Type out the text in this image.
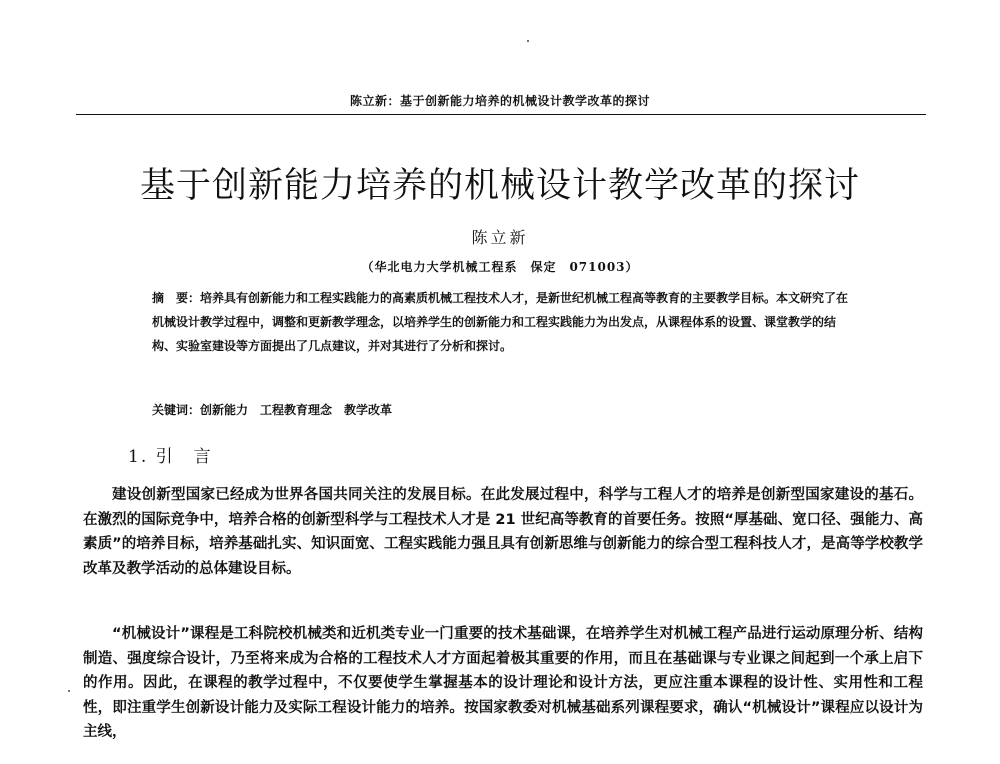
陈立新：基于创新能力培养的机械设计教学改革的探讨
基于创新能力培养的机械设计教学改革的探讨
陈立新
（华北电力大学机械工程系　保定　071003）
摘　要：培养具有创新能力和工程实践能力的高素质机械工程技术人才，是新世纪机械工程高等教育的主要教学目标。本文研究了在机械设计教学过程中，调整和更新教学理念，以培养学生的创新能力和工程实践能力为出发点，从课程体系的设置、课堂教学的结构、实验室建设等方面提出了几点建议，并对其进行了分析和探讨。
关键词：创新能力　工程教育理念　教学改革
1. 引　言

建设创新型国家已经成为世界各国共同关注的发展目标。在此发展过程中，科学与工程人才的培养是创新型国家建设的基石。在激烈的国际竞争中，培养合格的创新型科学与工程技术人才是 21 世纪高等教育的首要任务。按照“厚基础、宽口径、强能力、高素质”的培养目标，培养基础扎实、知识面宽、工程实践能力强且具有创新思维与创新能力的综合型工程科技人才，是高等学校教学改革及教学活动的总体建设目标。

“机械设计”课程是工科院校机械类和近机类专业一门重要的技术基础课，在培养学生对机械工程产品进行运动原理分析、结构制造、强度综合设计，乃至将来成为合格的工程技术人才方面起着极其重要的作用，而且在基础课与专业课之间起到一个承上启下的作用。因此，在课程的教学过程中，不仅要使学生掌握基本的设计理论和设计方法，更应注重本课程的设计性、实用性和工程性，即注重学生创新设计能力及实际工程设计能力的培养。按国家教委对机械基础系列课程要求，确认“机械设计”课程应以设计为主线，
